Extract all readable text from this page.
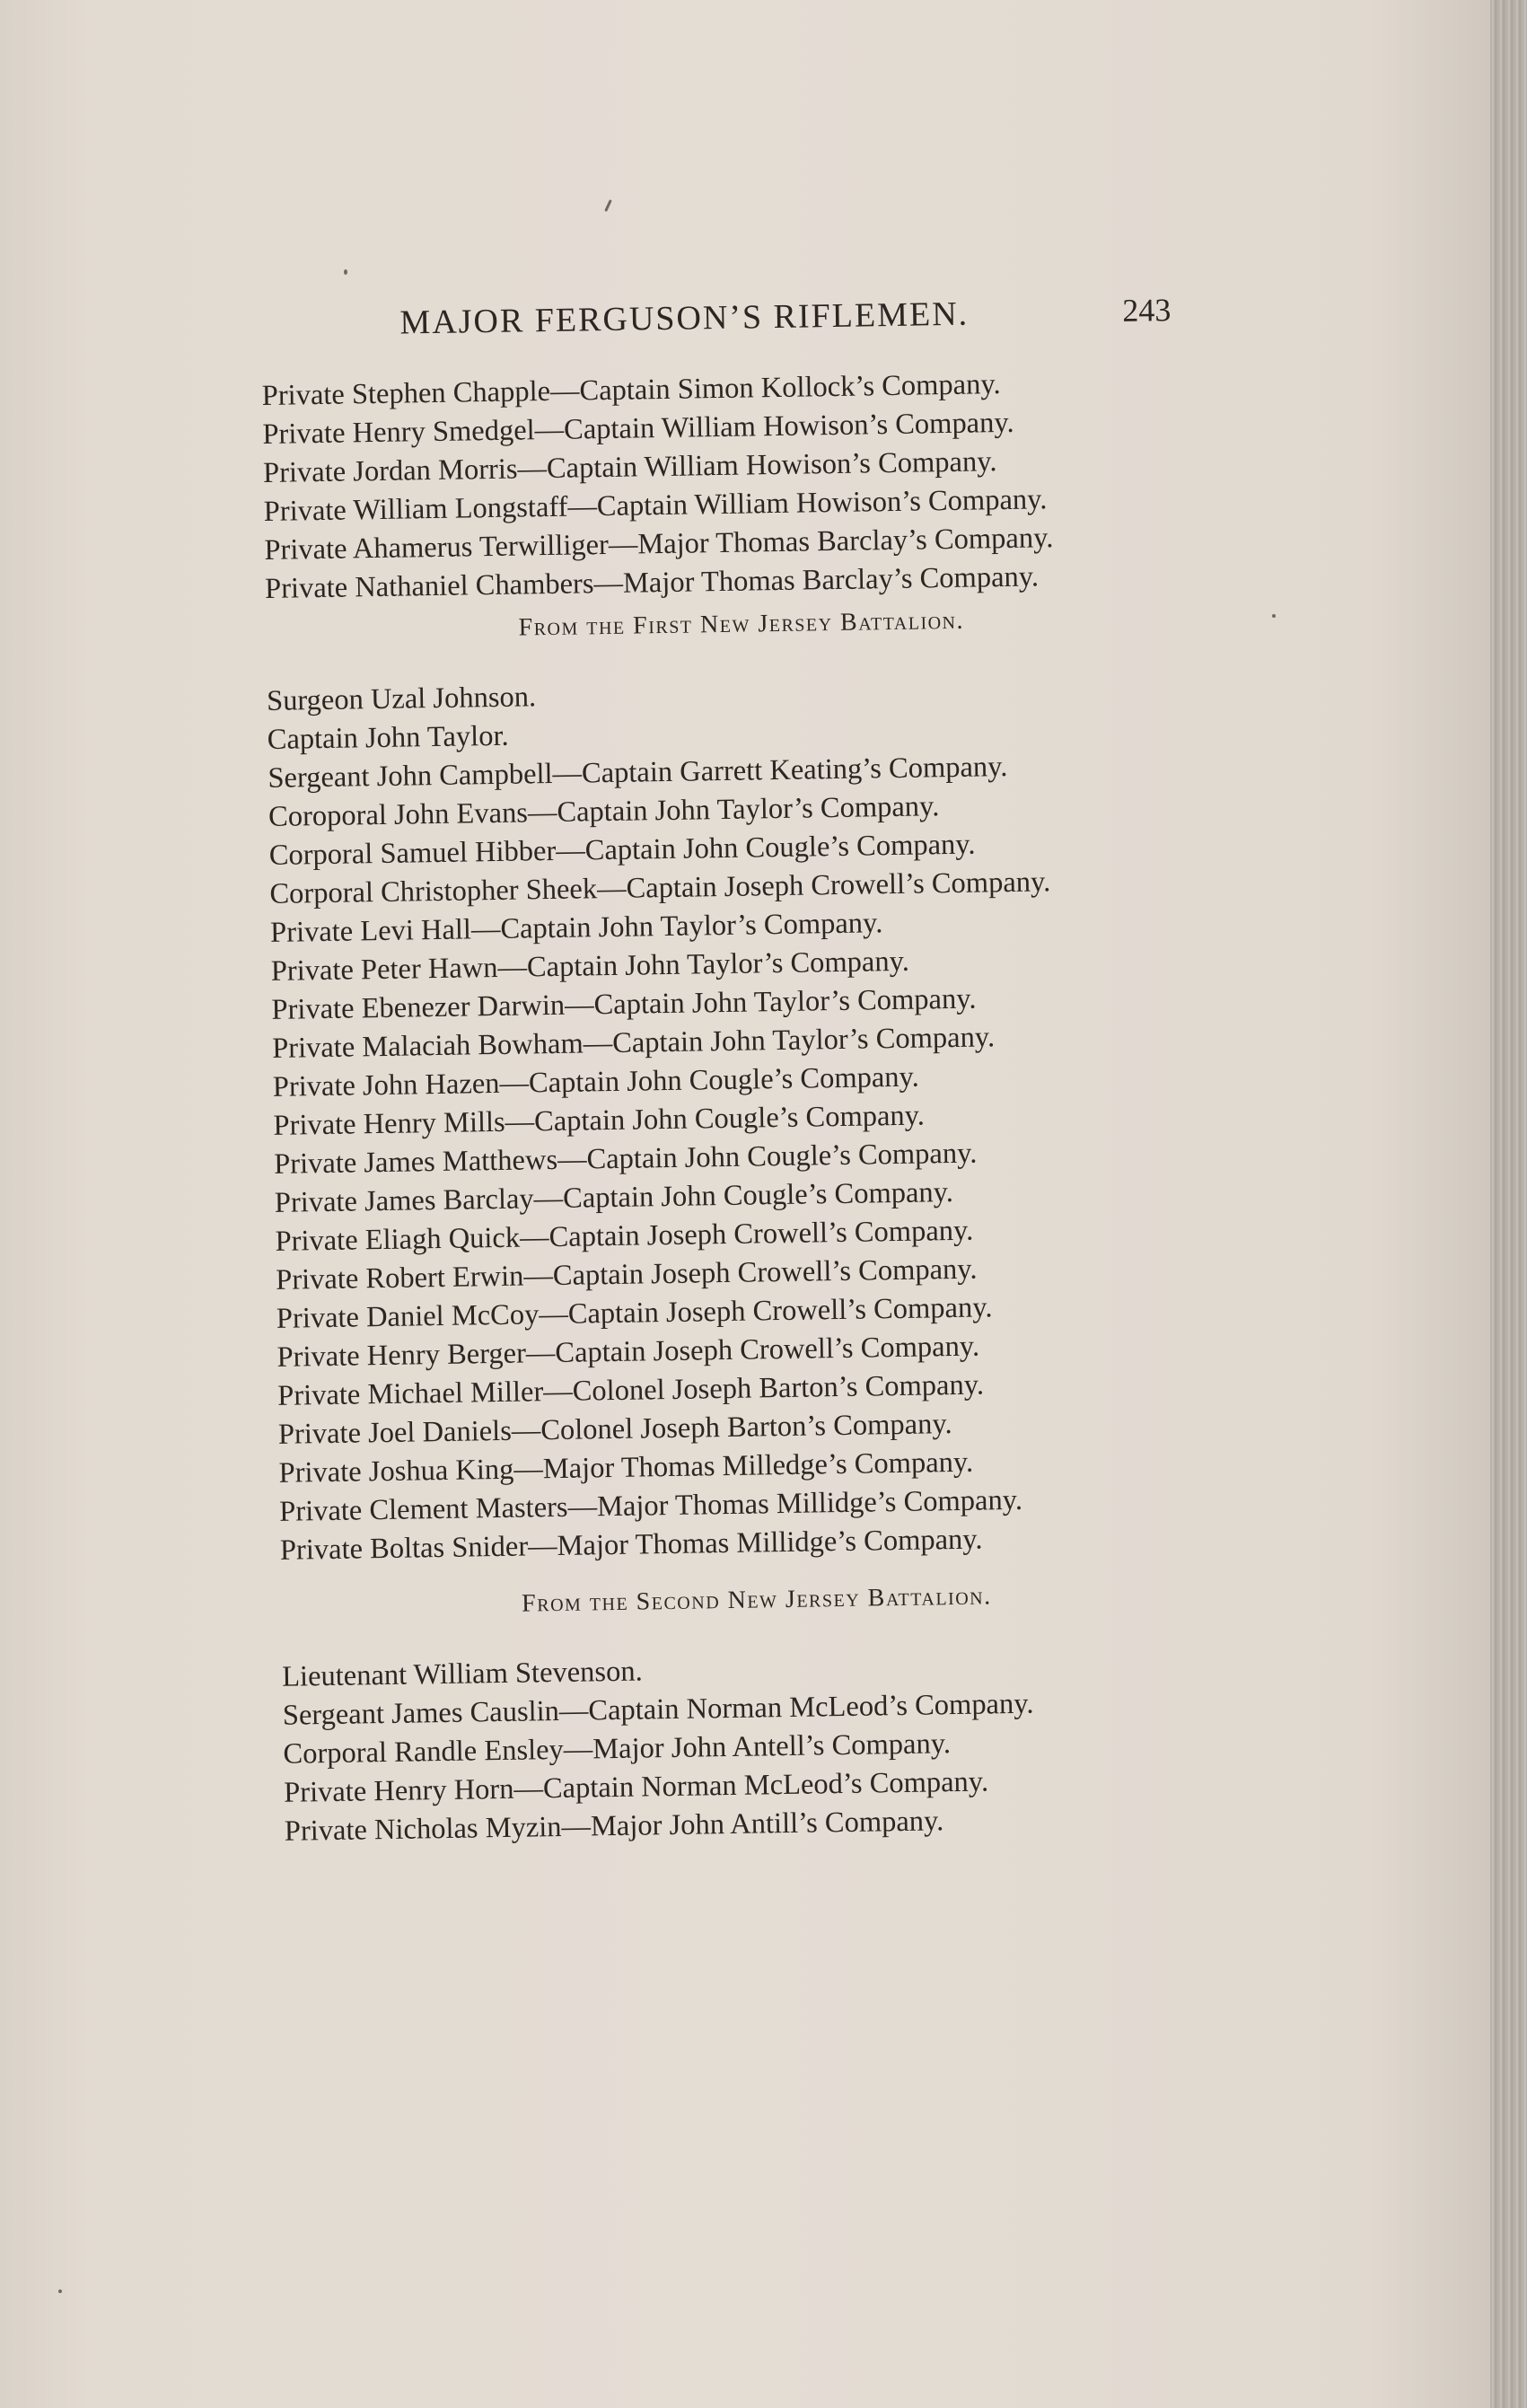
MAJOR FERGUSON’S RIFLEMEN.	243

Private Stephen Chapple—Captain Simon Kollock’s Company.

Private Henry Smedgel—Captain William Howison’s Company.

Private Jordan Morris—Captain William Howison’s Company.

Private William Longstaff—Captain William Howison’s Company.

Private Ahamerus Terwilliger—Major Thomas Barclay’s Company.

Private Nathaniel Chambers—Major Thomas Barclay’s Company.

From the First New Jersey Battalion.

Surgeon Uzal Johnson.

Captain John Taylor.

Sergeant John Campbell—Captain Garrett Keating’s Company.

Coroporal John Evans—Captain John Taylor’s Company.

Corporal Samuel Hibber—Captain John Cougle’s Company.

Corporal Christopher Sheek—Captain Joseph Crowell’s Company.

Private Levi Hall—Captain John Taylor’s Company.

Private Peter Hawn—Captain John Taylor’s Company.

Private Ebenezer Darwin—Captain John Taylor’s Company.

Private Malaciah Bowham—Captain John Taylor’s Company.

Private John Hazen—Captain John Cougle’s Company.

Private Henry Mills—Captain John Cougle’s Company.

Private James Matthews—Captain John Cougle’s Company.

Private James Barclay—Captain John Cougle’s Company.

Private Eliagh Quick—Captain Joseph Crowell’s Company.

Private Robert Erwin—Captain Joseph Crowell’s Company.

Private Daniel McCoy—Captain Joseph Crowell’s Company.

Private Henry Berger—Captain Joseph Crowell’s Company.

Private Michael Miller—Colonel Joseph Barton’s Company.

Private Joel Daniels—Colonel Joseph Barton’s Company.

Private Joshua King—Major Thomas Milledge’s Company.

Private Clement Masters—Major Thomas Millidge’s Company.

Private Boltas Snider—Major Thomas Millidge’s Company.

From the Second New Jersey Battalion.

Lieutenant William Stevenson.

Sergeant James Causlin—Captain Norman McLeod’s Company.

Corporal Randle Ensley—Major John Antell’s Company.

Private Henry Horn—Captain Norman McLeod’s Company.

Private Nicholas Myzin—Major John Antill’s Company.
